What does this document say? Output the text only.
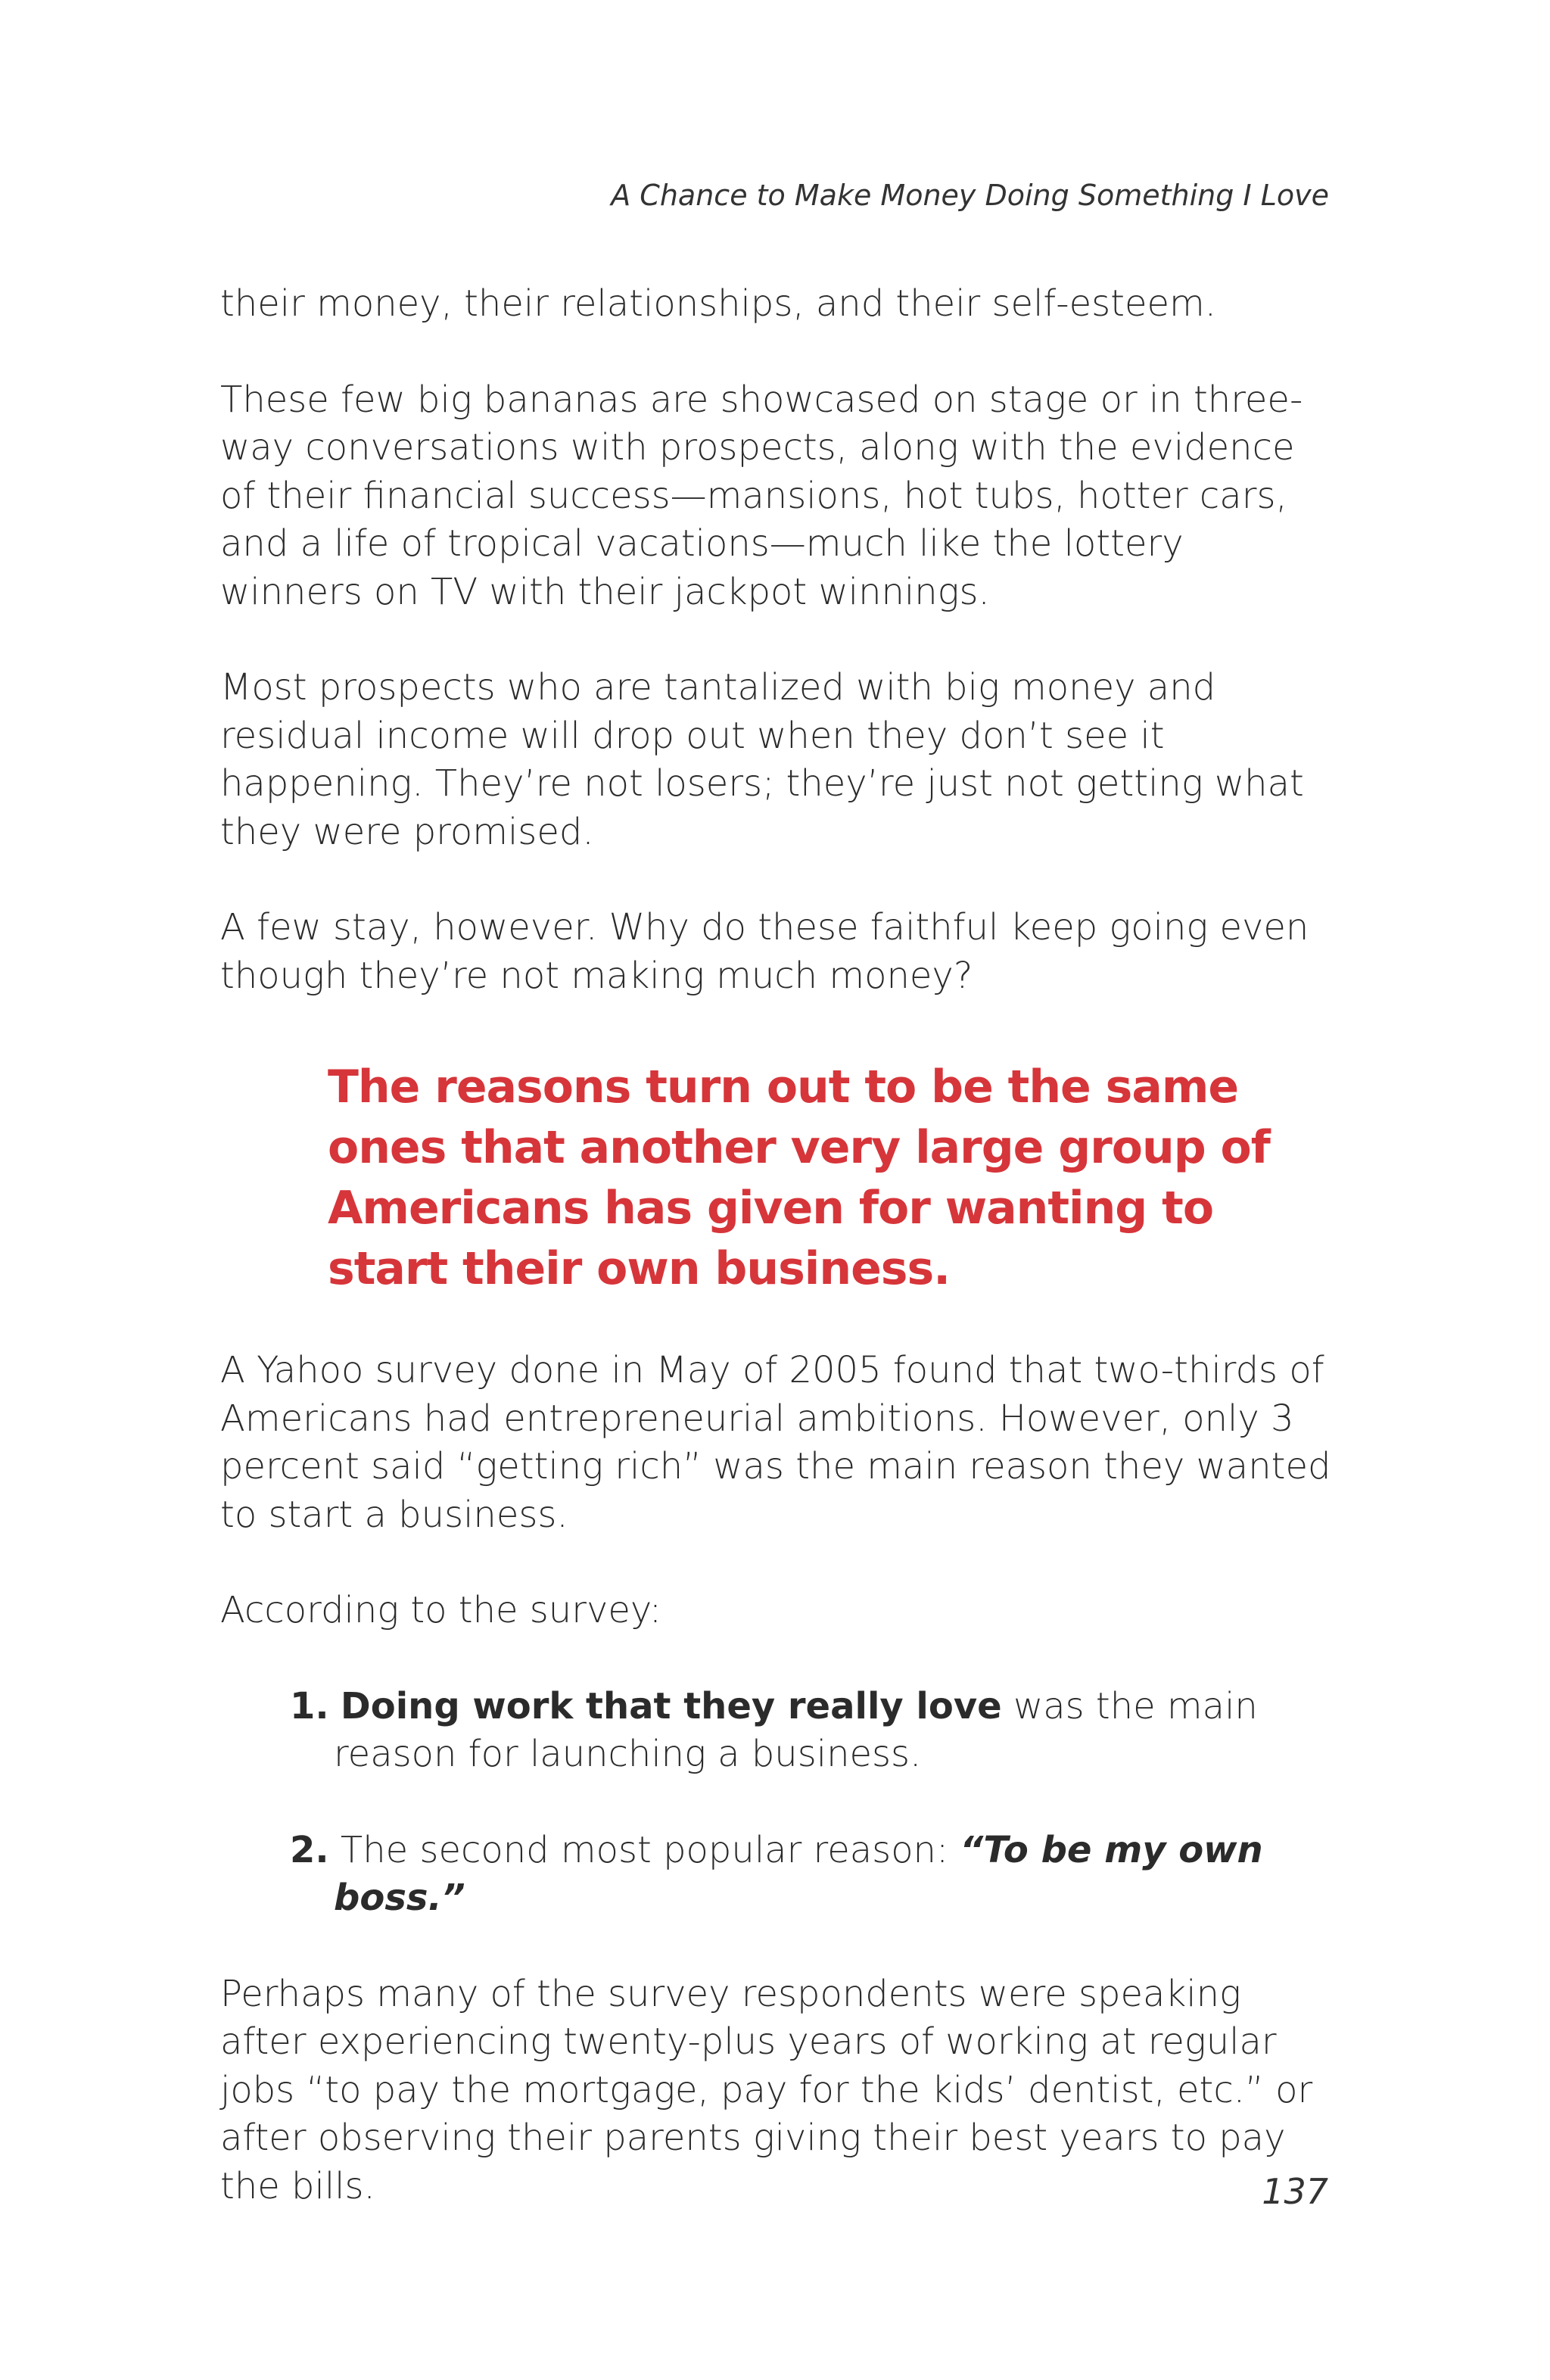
A Chance to Make Money Doing Something I Love

their money, their relationships, and their self-esteem.

These few big bananas are showcased on stage or in three-way conversations with prospects, along with the evidence of their financial success—mansions, hot tubs, hotter cars, and a life of tropical vacations—much like the lottery winners on TV with their jackpot winnings.

Most prospects who are tantalized with big money and residual income will drop out when they don’t see it happening. They’re not losers; they’re just not getting what they were promised.

A few stay, however. Why do these faithful keep going even though they’re not making much money?

The reasons turn out to be the same ones that another very large group of Americans has given for wanting to start their own business.

A Yahoo survey done in May of 2005 found that two-thirds of Americans had entrepreneurial ambitions. However, only 3 percent said “getting rich” was the main reason they wanted to start a business.

According to the survey:

1. Doing work that they really love was the main reason for launching a business.
2. The second most popular reason: “To be my own boss.”

Perhaps many of the survey respondents were speaking after experiencing twenty-plus years of working at regular jobs “to pay the mortgage, pay for the kids’ dentist, etc.” or after observing their parents giving their best years to pay the bills.	137
